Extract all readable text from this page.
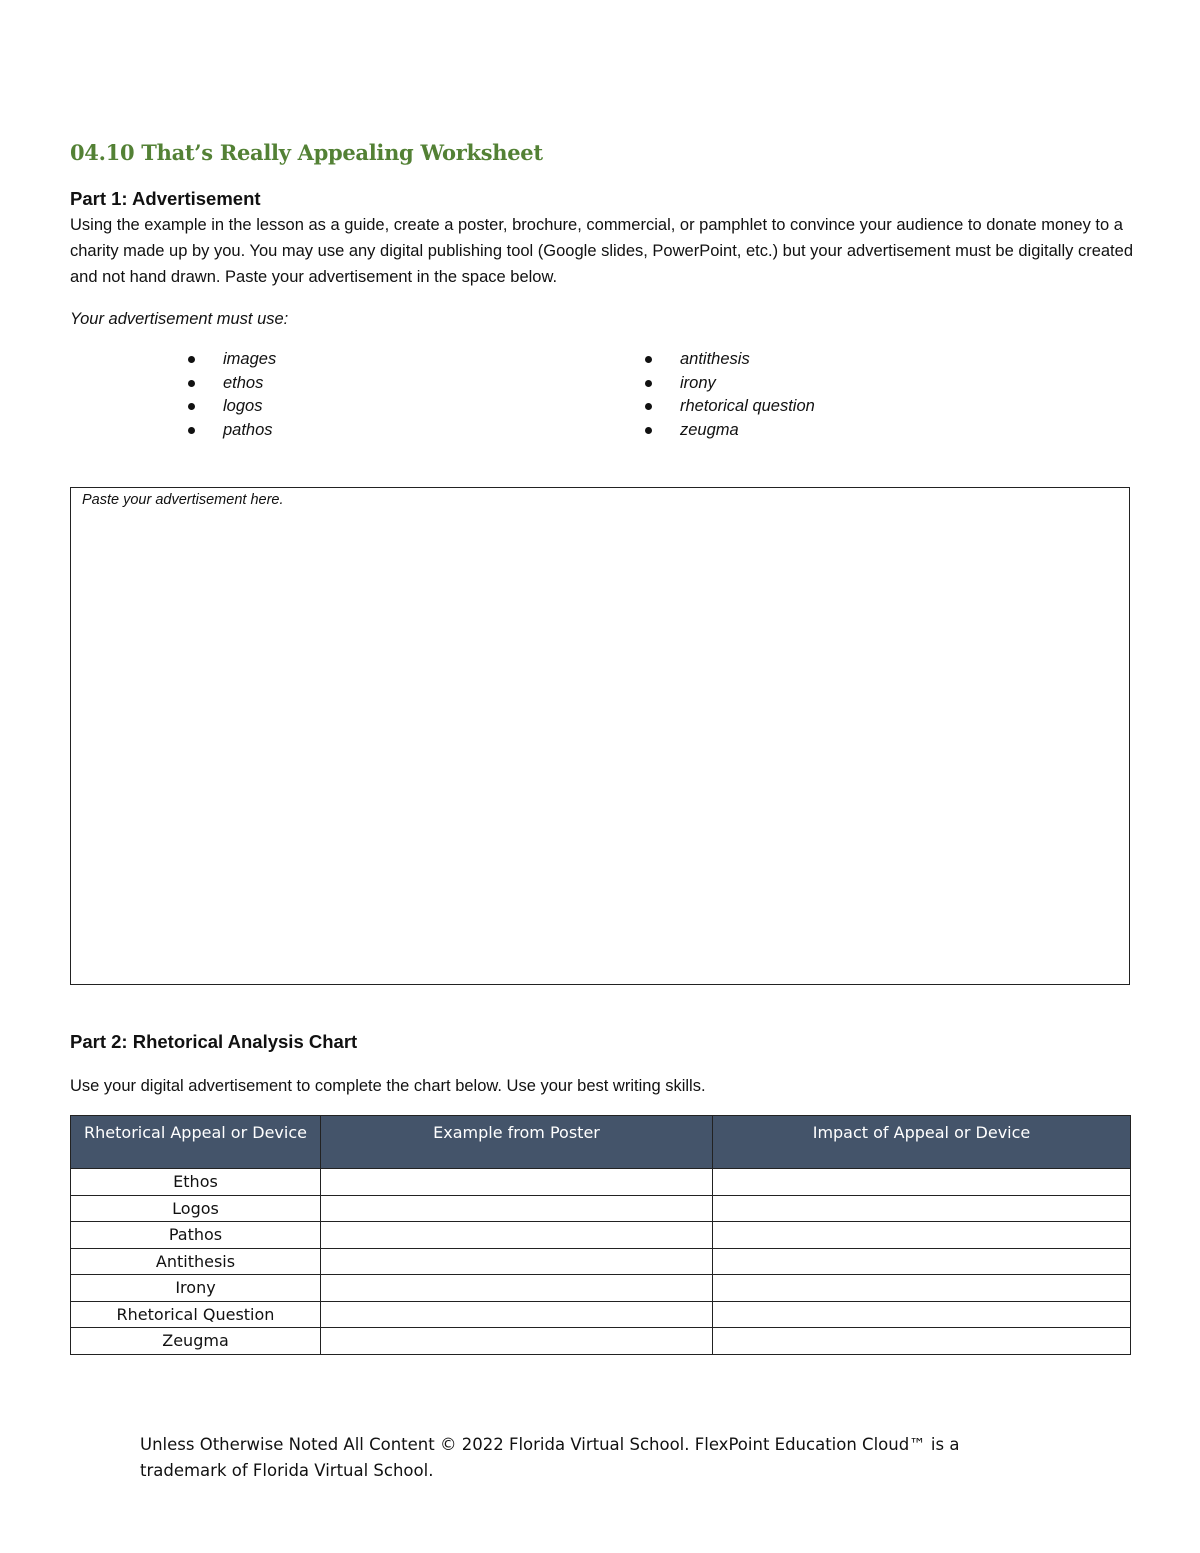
04.10 That’s Really Appealing Worksheet
Part 1: Advertisement

Using the example in the lesson as a guide, create a poster, brochure, commercial, or pamphlet to convince your audience to donate money to a charity made up by you. You may use any digital publishing tool (Google slides, PowerPoint, etc.) but your advertisement must be digitally created and not hand drawn. Paste your advertisement in the space below.

Your advertisement must use:

images
ethos
logos
pathos
antithesis
irony
rhetorical question
zeugma
Paste your advertisement here.
Part 2: Rhetorical Analysis Chart

Use your digital advertisement to complete the chart below. Use your best writing skills.

Rhetorical Appeal or Device	Example from Poster	Impact of Appeal or Device
Ethos		
Logos		
Pathos		
Antithesis		
Irony		
Rhetorical Question		
Zeugma		

Unless Otherwise Noted All Content © 2022 Florida Virtual School. FlexPoint Education Cloud™ is a trademark of Florida Virtual School.
